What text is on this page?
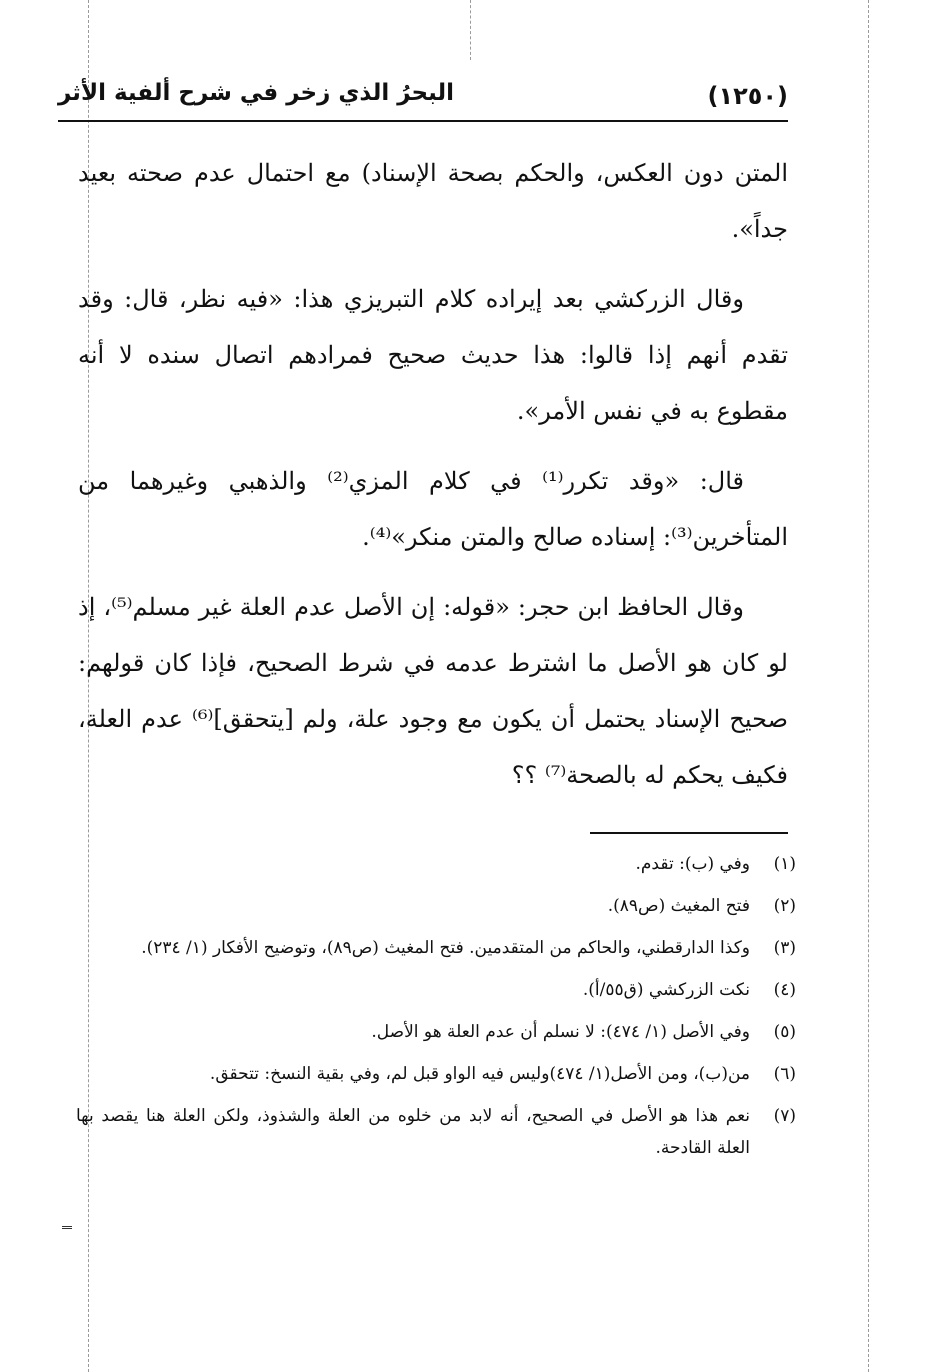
(١٢٥٠)
البحرُ الذي زخر في شرح ألفية الأثر

المتن دون العكس، والحكم بصحة الإسناد) مع احتمال عدم صحته بعيد جداً».

وقال الزركشي بعد إيراده كلام التبريزي هذا: «فيه نظر، قال: وقد تقدم أنهم إذا قالوا: هذا حديث صحيح فمرادهم اتصال سنده لا أنه مقطوع به في نفس الأمر».

قال: «وقد تكرر⁽¹⁾ في كلام المزي⁽²⁾ والذهبي وغيرهما من المتأخرين⁽³⁾: إسناده صالح والمتن منكر»⁽⁴⁾.

وقال الحافظ ابن حجر: «قوله: إن الأصل عدم العلة غير مسلم⁽⁵⁾، إذ لو كان هو الأصل ما اشترط عدمه في شرط الصحيح، فإذا كان قولهم: صحيح الإسناد يحتمل أن يكون مع وجود علة، ولم [يتحقق]⁽⁶⁾ عدم العلة، فكيف يحكم له بالصحة⁽⁷⁾ ؟؟

(١)
وفي (ب): تقدم.
(٢)
فتح المغيث (ص٨٩).
(٣)
وكذا الدارقطني، والحاكم من المتقدمين. فتح المغيث (ص٨٩)، وتوضيح الأفكار (١/ ٢٣٤).
(٤)
نكت الزركشي (ق٥٥/أ).
(٥)
وفي الأصل (١/ ٤٧٤): لا نسلم أن عدم العلة هو الأصل.
(٦)
من(ب)، ومن الأصل(١/ ٤٧٤)وليس فيه الواو قبل لم، وفي بقية النسخ: تتحقق.
(٧)
نعم هذا هو الأصل في الصحيح، أنه لابد من خلوه من العلة والشذوذ، ولكن العلة هنا يقصد بها العلة القادحة.
